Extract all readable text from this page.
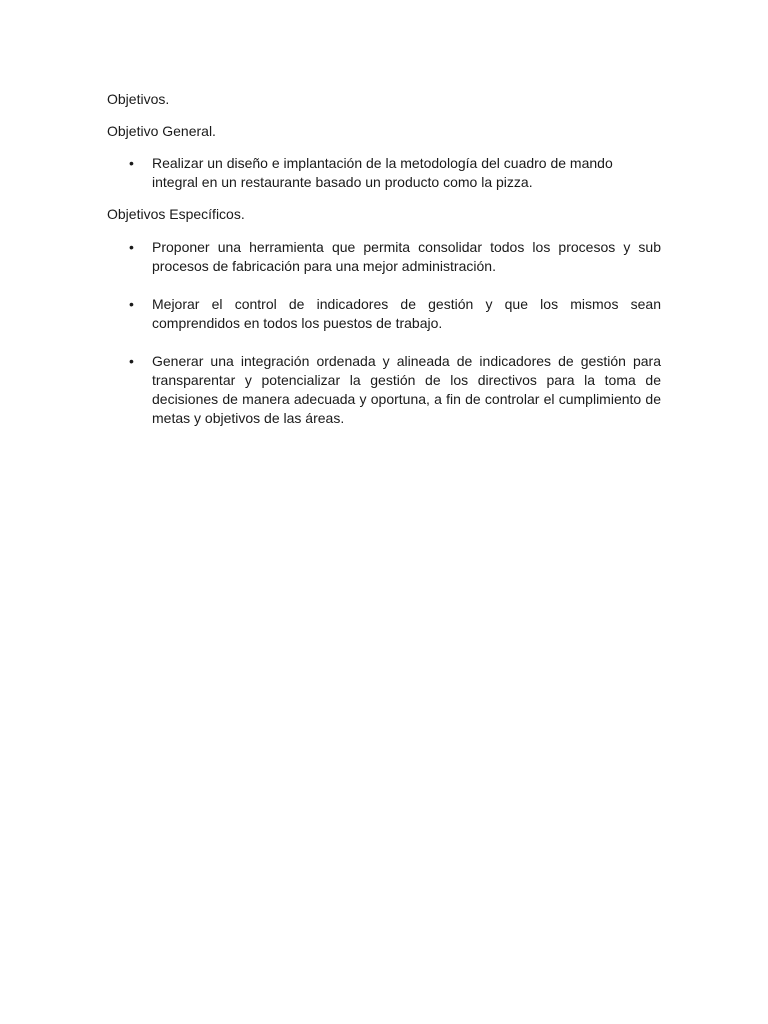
Objetivos.
Objetivo General.
•	Realizar un diseño e implantación de la metodología del cuadro de mando integral en un restaurante basado un producto como la pizza.
Objetivos Específicos.
•	Proponer una herramienta que permita consolidar todos los procesos y sub procesos de fabricación para una mejor administración.
•	Mejorar el control de indicadores de gestión y que los mismos sean comprendidos en todos los puestos de trabajo.
•	Generar una integración ordenada y alineada de indicadores de gestión para transparentar y potencializar la gestión de los directivos para la toma de decisiones de manera adecuada y oportuna, a fin de controlar el cumplimiento de metas y objetivos de las áreas.
